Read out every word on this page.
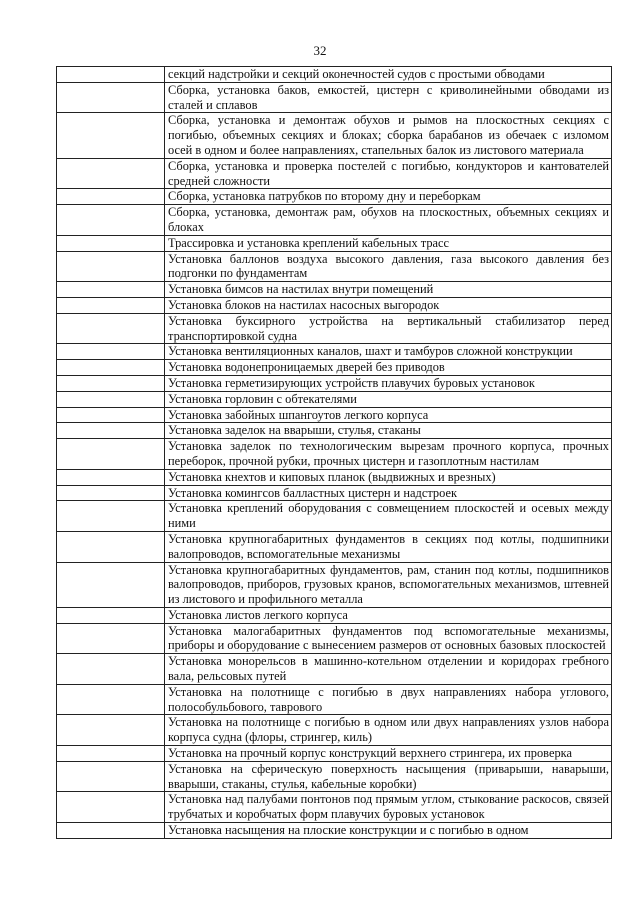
32
	секций надстройки и секций оконечностей судов с простыми обводами
	Сборка, установка баков, емкостей, цистерн с криволинейными обводами из сталей и сплавов
	Сборка, установка и демонтаж обухов и рымов на плоскостных секциях с погибью, объемных секциях и блоках; сборка барабанов из обечаек с изломом осей в одном и более направлениях, стапельных балок из листового материала
	Сборка, установка и проверка постелей с погибью, кондукторов и кантователей средней сложности
	Сборка, установка патрубков по второму дну и переборкам
	Сборка, установка, демонтаж рам, обухов на плоскостных, объемных секциях и блоках
	Трассировка и установка креплений кабельных трасс
	Установка баллонов воздуха высокого давления, газа высокого давления без подгонки по фундаментам
	Установка бимсов на настилах внутри помещений
	Установка блоков на настилах насосных выгородок
	Установка буксирного устройства на вертикальный стабилизатор перед транспортировкой судна
	Установка вентиляционных каналов, шахт и тамбуров сложной конструкции
	Установка водонепроницаемых дверей без приводов
	Установка герметизирующих устройств плавучих буровых установок
	Установка горловин с обтекателями
	Установка забойных шпангоутов легкого корпуса
	Установка заделок на вварыши, стулья, стаканы
	Установка заделок по технологическим вырезам прочного корпуса, прочных переборок, прочной рубки, прочных цистерн и газоплотным настилам
	Установка кнехтов и киповых планок (выдвижных и врезных)
	Установка комингсов балластных цистерн и надстроек
	Установка креплений оборудования с совмещением плоскостей и осевых между ними
	Установка крупногабаритных фундаментов в секциях под котлы, подшипники валопроводов, вспомогательные механизмы
	Установка крупногабаритных фундаментов, рам, станин под котлы, подшипников валопроводов, приборов, грузовых кранов, вспомогательных механизмов, штевней из листового и профильного металла
	Установка листов легкого корпуса
	Установка малогабаритных фундаментов под вспомогательные механизмы, приборы и оборудование с вынесением размеров от основных базовых плоскостей
	Установка монорельсов в машинно-котельном отделении и коридорах гребного вала, рельсовых путей
	Установка на полотнище с погибью в двух направлениях набора углового, полособульбового, таврового
	Установка на полотнище с погибью в одном или двух направлениях узлов набора корпуса судна (флоры, стрингер, киль)
	Установка на прочный корпус конструкций верхнего стрингера, их проверка
	Установка на сферическую поверхность насыщения (приварыши, наварыши, вварыши, стаканы, стулья, кабельные коробки)
	Установка над палубами понтонов под прямым углом, стыкование раскосов, связей трубчатых и коробчатых форм плавучих буровых установок
	Установка насыщения на плоские конструкции и с погибью в одном
